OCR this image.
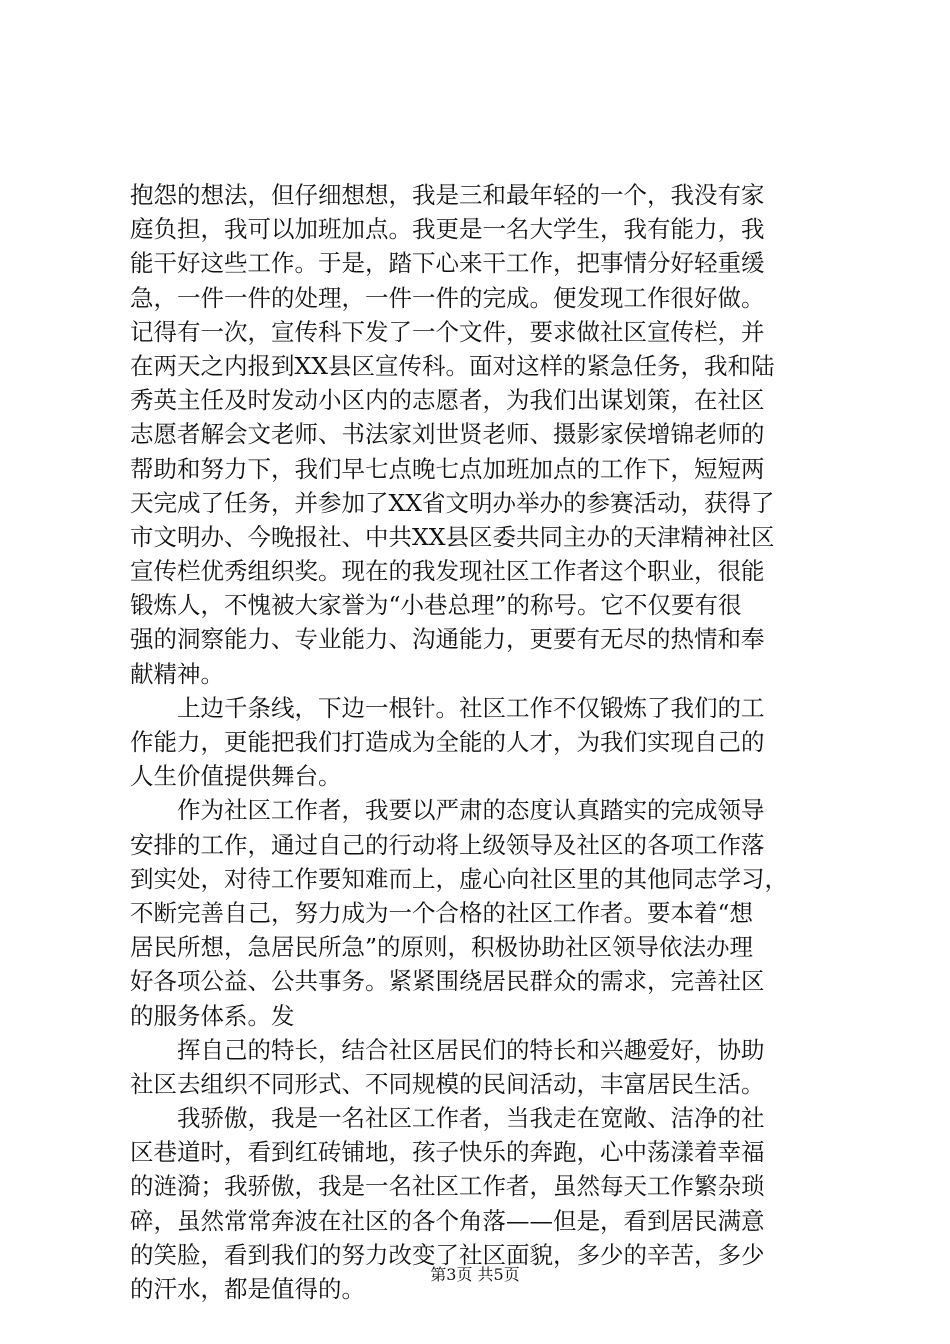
抱怨的想法，但仔细想想，我是三和最年轻的一个，我没有家
庭负担，我可以加班加点。我更是一名大学生，我有能力，我
能干好这些工作。于是，踏下心来干工作，把事情分好轻重缓
急，一件一件的处理，一件一件的完成。便发现工作很好做。
记得有一次，宣传科下发了一个文件，要求做社区宣传栏，并
在两天之内报到XX县区宣传科。面对这样的紧急任务，我和陆
秀英主任及时发动小区内的志愿者，为我们出谋划策，在社区
志愿者解会文老师、书法家刘世贤老师、摄影家侯增锦老师的
帮助和努力下，我们早七点晚七点加班加点的工作下，短短两
天完成了任务，并参加了XX省文明办举办的参赛活动，获得了
市文明办、今晚报社、中共XX县区委共同主办的天津精神社区
宣传栏优秀组织奖。现在的我发现社区工作者这个职业，很能
锻炼人，不愧被大家誉为“小巷总理”的称号。它不仅要有很
强的洞察能力、专业能力、沟通能力，更要有无尽的热情和奉
献精神。
　　上边千条线，下边一根针。社区工作不仅锻炼了我们的工
作能力，更能把我们打造成为全能的人才，为我们实现自己的
人生价值提供舞台。
　　作为社区工作者，我要以严肃的态度认真踏实的完成领导
安排的工作，通过自己的行动将上级领导及社区的各项工作落
到实处，对待工作要知难而上，虚心向社区里的其他同志学习，
不断完善自己，努力成为一个合格的社区工作者。要本着“想
居民所想，急居民所急”的原则，积极协助社区领导依法办理
好各项公益、公共事务。紧紧围绕居民群众的需求，完善社区
的服务体系。发
　　挥自己的特长，结合社区居民们的特长和兴趣爱好，协助
社区去组织不同形式、不同规模的民间活动，丰富居民生活。
　　我骄傲，我是一名社区工作者，当我走在宽敞、洁净的社
区巷道时，看到红砖铺地，孩子快乐的奔跑，心中荡漾着幸福
的涟漪；我骄傲，我是一名社区工作者，虽然每天工作繁杂琐
碎，虽然常常奔波在社区的各个角落——但是，看到居民满意
的笑脸，看到我们的努力改变了社区面貌，多少的辛苦，多少
的汗水，都是值得的。
第3页 共5页
